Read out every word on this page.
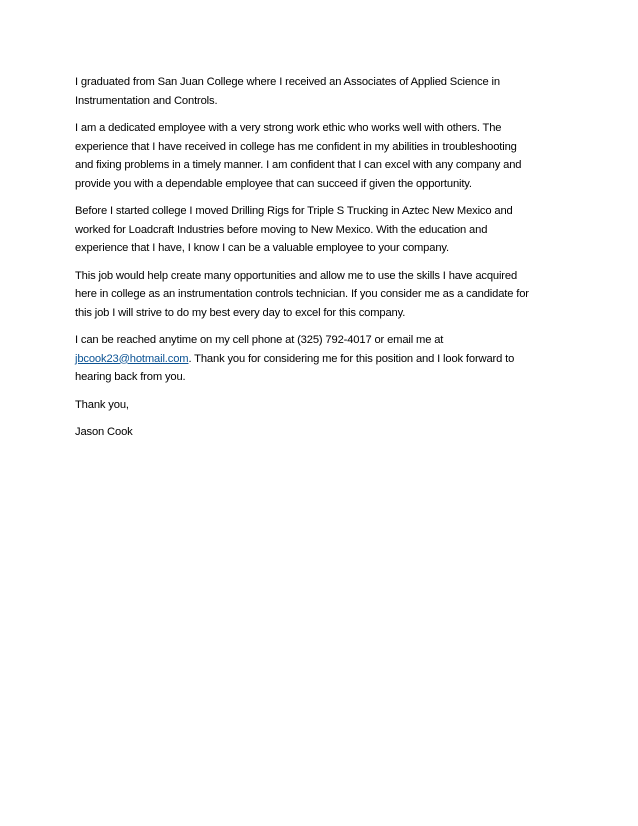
I graduated from San Juan College where I received an Associates of Applied Science in
Instrumentation and Controls.

I am a dedicated employee with a very strong work ethic who works well with others. The
experience that I have received in college has me confident in my abilities in troubleshooting
and fixing problems in a timely manner. I am confident that I can excel with any company and
provide you with a dependable employee that can succeed if given the opportunity.

Before I started college I moved Drilling Rigs for Triple S Trucking in Aztec New Mexico and
worked for Loadcraft Industries before moving to New Mexico. With the education and
experience that I have, I know I can be a valuable employee to your company.

This job would help create many opportunities and allow me to use the skills I have acquired
here in college as an instrumentation controls technician. If you consider me as a candidate for
this job I will strive to do my best every day to excel for this company.

I can be reached anytime on my cell phone at (325) 792-4017 or email me at
jbcook23@hotmail.com. Thank you for considering me for this position and I look forward to
hearing back from you.

Thank you,

Jason Cook
